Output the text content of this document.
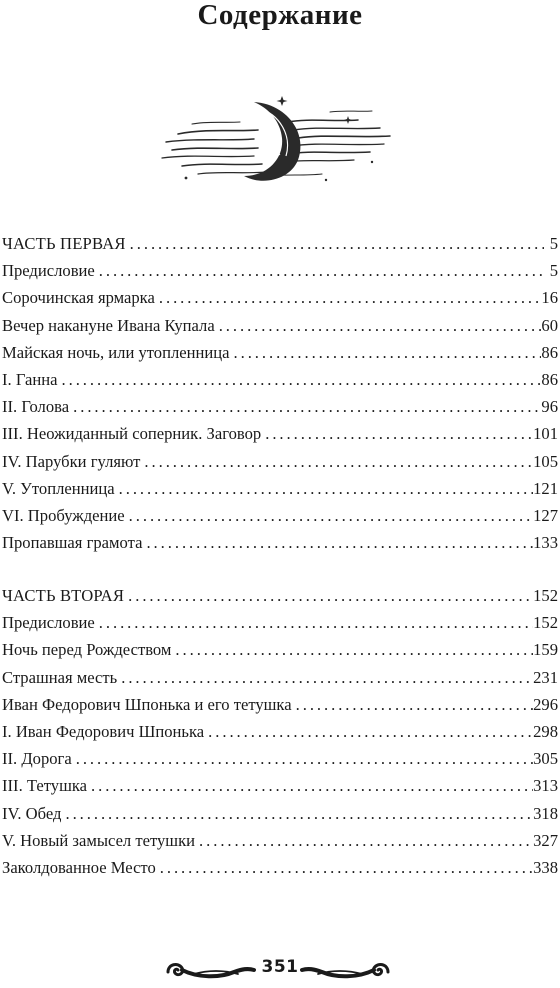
Содержание
ЧАСТЬ ПЕРВАЯ . . .	5
Предисловие . . .	5
Сорочинская ярмарка . . .	16
Вечер накануне Ивана Купала . . .	60
Майская ночь, или утопленница . . .	86
I. Ганна . . .	86
II. Голова . . .	96
III. Неожиданный соперник. Заговор . . .	101
IV. Парубки гуляют . . .	105
V. Утопленница . . .	121
VI. Пробуждение . . .	127
Пропавшая грамота . . .	133
ЧАСТЬ ВТОРАЯ . . .	152
Предисловие . . .	152
Ночь перед Рождеством . . .	159
Страшная месть . . .	231
Иван Федорович Шпонька и его тетушка . . .	296
I. Иван Федорович Шпонька . . .	298
II. Дорога . . .	305
III. Тетушка . . .	313
IV. Обед . . .	318
V. Новый замысел тетушки . . .	327
Заколдованное Место . . .	338
351
